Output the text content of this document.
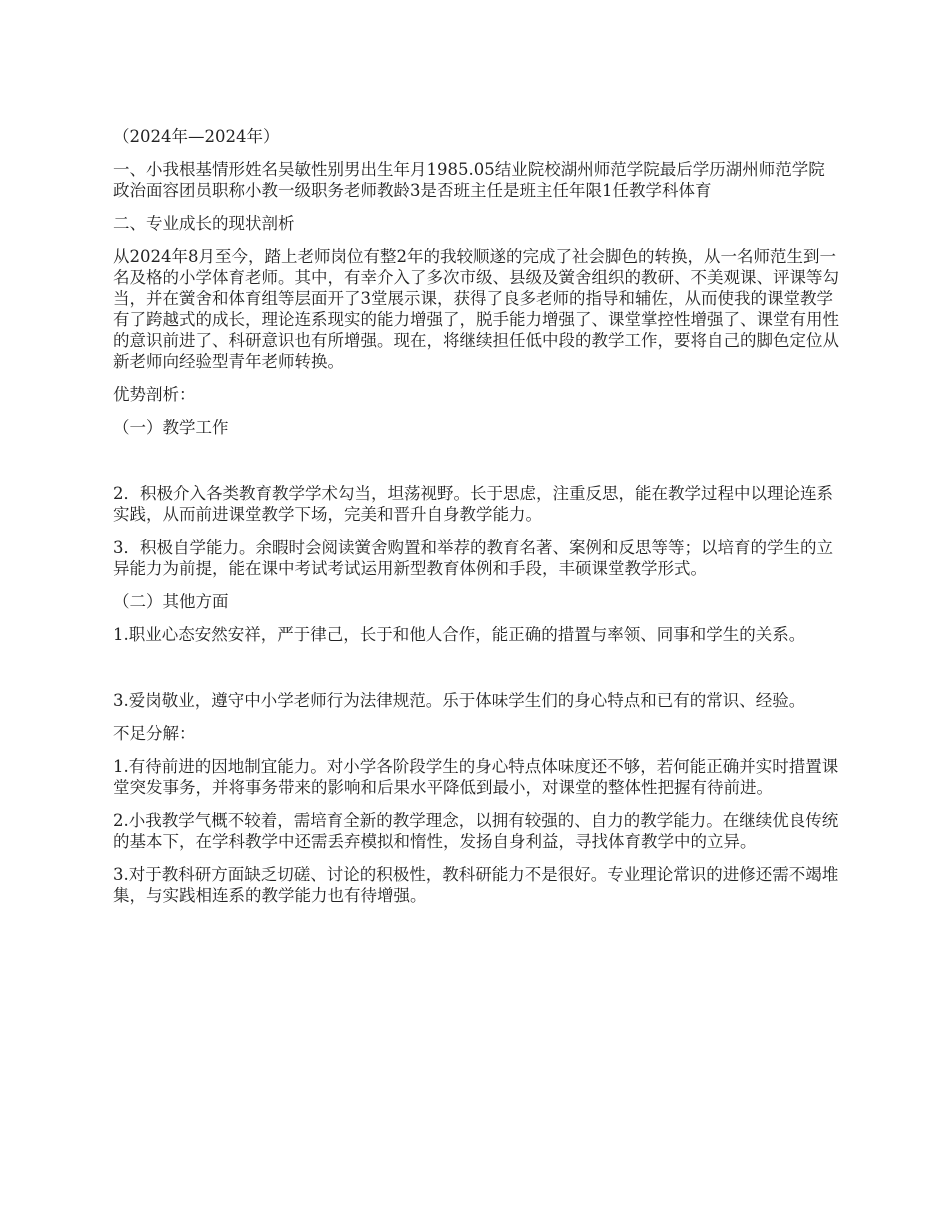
（2024年—2024年）

一、小我根基情形姓名吴敏性别男出生年月1985.05结业院校湖州师范学院最后学历湖州师范学院政治面容团员职称小教一级职务老师教龄3是否班主任是班主任年限1任教学科体育

二、专业成长的现状剖析

从2024年8月至今，踏上老师岗位有整2年的我较顺遂的完成了社会脚色的转换，从一名师范生到一名及格的小学体育老师。其中，有幸介入了多次市级、县级及黉舍组织的教研、不美观课、评课等勾当，并在黉舍和体育组等层面开了3堂展示课，获得了良多老师的指导和辅佐，从而使我的课堂教学有了跨越式的成长，理论连系现实的能力增强了，脱手能力增强了、课堂掌控性增强了、课堂有用性的意识前进了、科研意识也有所增强。现在，将继续担任低中段的教学工作，要将自己的脚色定位从新老师向经验型青年老师转换。

优势剖析：

（一）教学工作

2．积极介入各类教育教学学术勾当，坦荡视野。长于思虑，注重反思，能在教学过程中以理论连系实践，从而前进课堂教学下场，完美和晋升自身教学能力。

3．积极自学能力。余暇时会阅读黉舍购置和举荐的教育名著、案例和反思等等；以培育的学生的立异能力为前提，能在课中考试考试运用新型教育体例和手段，丰硕课堂教学形式。

（二）其他方面

1.职业心态安然安祥，严于律己，长于和他人合作，能正确的措置与率领、同事和学生的关系。

3.爱岗敬业，遵守中小学老师行为法律规范。乐于体味学生们的身心特点和已有的常识、经验。

不足分解：

1.有待前进的因地制宜能力。对小学各阶段学生的身心特点体味度还不够，若何能正确并实时措置课堂突发事务，并将事务带来的影响和后果水平降低到最小，对课堂的整体性把握有待前进。

2.小我教学气概不较着，需培育全新的教学理念，以拥有较强的、自力的教学能力。在继续优良传统的基本下，在学科教学中还需丢弃模拟和惰性，发扬自身利益，寻找体育教学中的立异。

3.对于教科研方面缺乏切磋、讨论的积极性，教科研能力不是很好。专业理论常识的进修还需不竭堆集，与实践相连系的教学能力也有待增强。
